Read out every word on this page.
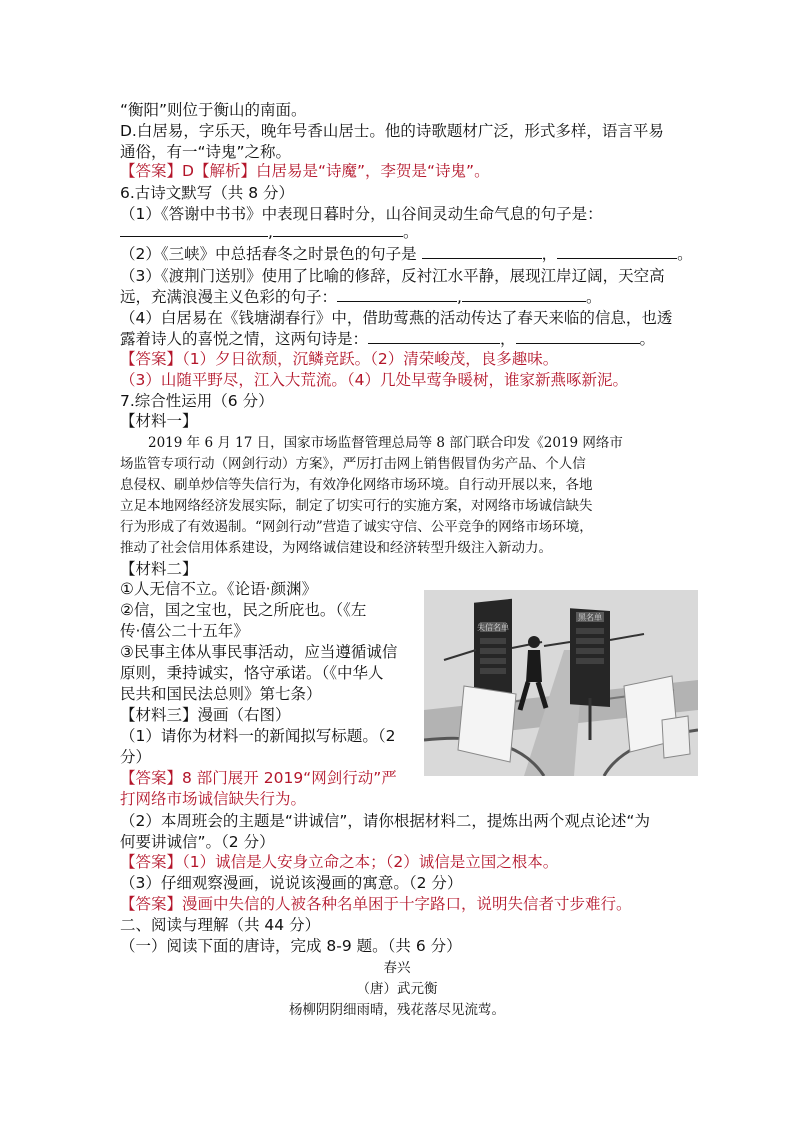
“衡阳”则位于衡山的南面。
D.白居易，字乐天，晚年号香山居士。他的诗歌题材广泛，形式多样，语言平易
通俗，有一“诗鬼”之称。
【答案】D【解析】白居易是“诗魔”，李贺是“诗鬼”。
6.古诗文默写（共 8 分）
（1）《答谢中书书》中表现日暮时分，山谷间灵动生命气息的句子是：
,	。
（2）《三峡》中总括春冬之时景色的句子是	，	。
（3）《渡荆门送别》使用了比喻的修辞，反衬江水平静，展现江岸辽阔，天空高
远，充满浪漫主义色彩的句子：	,	。
（4）白居易在《钱塘湖春行》中，借助莺燕的活动传达了春天来临的信息，也透
露着诗人的喜悦之情，这两句诗是：	，	。
【答案】（1）夕日欲颓，沉鳞竞跃。（2）清荣峻茂，良多趣味。
（3）山随平野尽，江入大荒流。（4）几处早莺争暖树，谁家新燕啄新泥。
7.综合性运用（6 分）
【材料一】
2019 年 6 月 17 日，国家市场监督管理总局等 8 部门联合印发《2019 网络市
场监管专项行动（网剑行动）方案》，严厉打击网上销售假冒伪劣产品、个人信
息侵权、刷单炒信等失信行为，有效净化网络市场环境。自行动开展以来，各地
立足本地网络经济发展实际，制定了切实可行的实施方案，对网络市场诚信缺失
行为形成了有效遏制。“网剑行动”营造了诚实守信、公平竞争的网络市场环境，
推动了社会信用体系建设，为网络诚信建设和经济转型升级注入新动力。
【材料二】
①人无信不立。《论语·颜渊》
②信，国之宝也，民之所庇也。（《左
传·僖公二十五年》
③民事主体从事民事活动，应当遵循诚信
原则，秉持诚实，恪守承诺。（《中华人
民共和国民法总则》第七条）
【材料三】漫画（右图）
（1）请你为材料一的新闻拟写标题。（2
分）
【答案】8 部门展开 2019“网剑行动”严
打网络市场诚信缺失行为。
（2）本周班会的主题是“讲诚信”，请你根据材料二，提炼出两个观点论述“为
何要讲诚信”。（2 分）
【答案】（1）诚信是人安身立命之本；（2）诚信是立国之根本。
（3）仔细观察漫画，说说该漫画的寓意。（2 分）
【答案】漫画中失信的人被各种名单困于十字路口，说明失信者寸步难行。
二、阅读与理解（共 44 分）
（一）阅读下面的唐诗，完成 8-9 题。（共 6 分）
春兴
（唐）武元衡
杨柳阴阴细雨晴，残花落尽见流莺。
失信名单
黑名单
